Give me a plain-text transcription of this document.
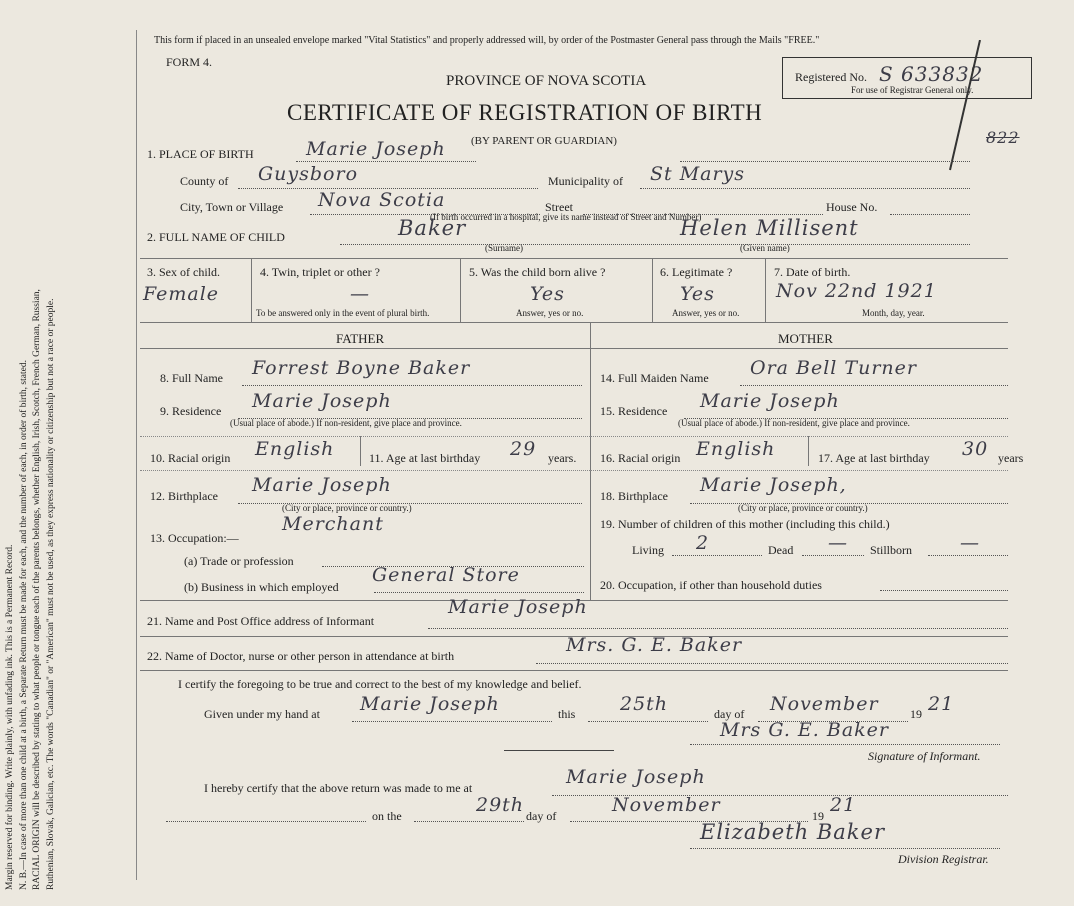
Margin reserved for binding. Write plainly, with unfading ink. This is a Permanent Record. N. B.—In case of more than one child at a birth, a Separate Return must be made for each, and the number of each, in order of birth, stated. RACIAL ORIGIN will be described by stating to what people or tongue each of the parents belongs, whether English, Irish, Scotch, French German, Russian, Ruthenian, Slovak, Galician, etc. The words "Canadian" or "American" must not be used, as they express nationality or citizenship but not a race or people.
This form if placed in an unsealed envelope marked "Vital Statistics" and properly addressed will, by order of the Postmaster General pass through the Mails "FREE."
FORM 4.
PROVINCE OF NOVA SCOTIA
CERTIFICATE OF REGISTRATION OF BIRTH
(BY PARENT OR GUARDIAN)
Registered No. S 633832
For use of Registrar General only.
822
1. PLACE OF BIRTH	Marie Joseph
County of Guysboro	Municipality of St Marys
City, Town or Village Nova Scotia	Street	House No.
(If birth occurred in a hospital, give its name instead of Street and Number)
2. FULL NAME OF CHILD	Baker
(Surname)
Helen Millisent
(Given name)
3. Sex of child.
Female
4. Twin, triplet or other ?
—
To be answered only in the event of plural birth.
5. Was the child born alive ?
Yes
Answer, yes or no.
6. Legitimate ?
Yes
Answer, yes or no.
7. Date of birth.
Nov 22nd 1921
Month, day, year.
FATHER	MOTHER
8. Full Name Forrest Boyne Baker
9. Residence Marie Joseph
(Usual place of abode.) If non-resident, give place and province.
10. Racial origin English	11. Age at last birthday 29 years.
12. Birthplace Marie Joseph
(City or place, province or country.)
13. Occupation:—
Merchant
(a) Trade or profession
(b) Business in which employed
General Store
14. Full Maiden Name Ora Bell Turner
15. Residence Marie Joseph
(Usual place of abode.) If non-resident, give place and province.
16. Racial origin English	17. Age at last birthday 30 years
18. Birthplace Marie Joseph,
(City or place, province or country.)
19. Number of children of this mother (including this child.)
Living 2	Dead — Stillborn	—
20. Occupation, if other than household duties
21. Name and Post Office address of Informant
Marie Joseph
22. Name of Doctor, nurse or other person in attendance at birth	Mrs. G. E. Baker
I certify the foregoing to be true and correct to the best of my knowledge and belief.
Given under my hand at Marie Joseph	this 25th	day of November	19 21
Mrs G. E. Baker
Signature of Informant.
I hereby certify that the above return was made to me at	Marie Joseph
on the	29th day of	November	19 21
Elizabeth Baker
Division Registrar.
